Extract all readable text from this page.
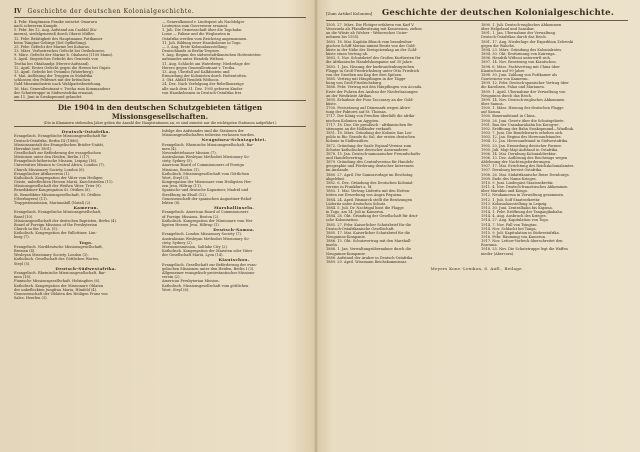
IV Geschichte der deutschen Kolonialgeschichte.
4. Febr. Hauptmann Franke entsetzt Omaruru
nach schwerem Kampfe.
5. Febr. bis 12. Aug. Aufstand am Caoldal (Ka-
merun), siedelgenerieß durch Oberst Müller.
12. Febr. Betätigkeit des Hauptmanns Puttkamer
beim Tsingtao-Gebirge (Del Opfließung).
25. Febr. Gefecht der Marine bei Koharas.
13. März. Verlustreiches Gefecht bei Owikokorero.
9. März. Gefecht der Marine b. Okaharui (1100 Mann).
5. April. Siegreiches Gefecht des Generals von
Trotha bei Oktahandja (Herero-Aufstand).
12. April. Erstes Gefecht gegen die Herero bei Onjati.
13. April. Gefecht bei Oviumbo (Waterberg).
9. Mai. Auflösung der Truppen in Südafrika
schlossen den Feldwurt mit der britischen
Gold-Minenindustrie nach Wahlparteibeziehung.
16. Mai. Generalleutnant v. Trotha zum Kommandeur
der Schutztruppe in Südwestafrika ernannt,
am 11. Juni in Swakopmund gelandet.
— Generalkonsul v. Lindequist als Nachfolger
Leutweins zum Gouverneur ernannt.
1. Juli. Die Gemeinschaft über die Togobahn
Lome — Palime und die Wegbauten in
Ostafrika werden vom Reichstag angenommen.
11. Juli. Bildung einer Hauskolonne in Togo.
— 3. Aug. Erste Kolonialausstellung
Deutschlands in Berlin-Treptow.
9. Aug. Beginn des südwestafrikanischen Hottentotten-
aufstandes unter Hendrik Witbooi.
11. Aug. Schlacht am Waterberg: Niederlage der
Herero gegen Generalleutnant v. Trotha.
13. Aug. Überfall auf Kalkfontein und
Ermordung der Kolonisten durch Hottentotten.
3. Okt. Abfall Hendrik Witboois.
24. Dez. Nach Verfolgung der Rebellionszüge
alle nach dem 31. Dez. 1905 geboren Kinder
von Hauskolonnen in Deutsch-Ostafrika frei.
Die 1904 in den deutschen Schutzgebieten tätigen Missionsgesellschaften.
(Die in Klammern stehenden Jahre geben die Anzahl der Hauptstationen an; es sind zumeist nur die wichtigsten Stationen aufgeführt.)
Deutsch-Ostafrika.
Evangelisch. Evangelische Missionsgesellschaft für
Deutsch-Ostafrika, Berlin III (1886).
Missionsanstalt der Evangelischen Brüder-Unität,
Herrnhut (seit 1891).
Gesellschaft zur Beförderung der evangelischen
Missionen unter den Heiden, Berlin I (17).
Evangelisch-lutherische Mission, Leipzig (16).
Universities Mission to Central Africa, London (7).
Church Missionary Society, London (6).
Evangelischer Afrikaverein (1).
Katholisch. Kongregation der Väter vom Heiligen
Geiste, unbefleckten Herzen Mariä, Knechtsteden (11).
Missionsgesellschaft der Weißen Väter, Trier (9).
Benediktiner-Kongregation St. Ottilien (8).
St. Benediktus-Missionsgesellschaft, St. Ottilien
(Oberbayern) (11).
Trappistenmission, Mariannhill (Natal) (2).
Kamerun.
Evangelisch. Evangelische Missionsgesellschaft,
Basel (10).
Missionsgesellschaft der deutschen Baptisten, Berlin (4).
Board of Foreign Missions of the Presbyterian
Church in the U.S.A. (5).
Katholisch. Kongregation der Pallottiner, Lim-
burg (7).
Togo.
Evangelisch. Norddeutsche Missionsgesellschaft,
Bremen (4).
Wesleyan Missionary Society, London (3).
Katholisch. Gesellschaft des Göttlichen Wortes,
Steyl (5).
Deutsch-Südwestafrika.
Evangelisch. Rheinische Missionsgesellschaft, Bar-
men (18).
Finnische Missionsgesellschaft, Helsingfors (6).
Katholisch. Kongregation der Missionare Oblaten
der unbefleckten Jungfrau Maria, Hünfeld (4).
Genossenschaft der Oblaten des Heiligen Franz von
Sales, Heerlen (3).
Infolge des Aufstandes sind die Stationen der
Missionsgesellschaften teilweise verlassen worden.
Neuguinea-Schutzgebiet.
Evangelisch. Rheinische Missionsgesellschaft, Bar-
men (4).
Neuendettelsauer Mission (7).
Australasian Wesleyan Methodist Missionary So-
ciety, Sydney (5).
American Board of Commissioners of Foreign
Missions, Boston (1).
Katholisch. Missionsgesellschaft vom Göttlichen
Wort, Steyl (3).
Kongregation der Missionare vom Heiligsten Her-
zen Jesu, Hiltrup (11).
Spanische und deutsche Kapuziner, Madrid und
Straßburg im Elsaß (12).
Genossenschaft der spanischen Augustiner-Rekol-
lekten (8).
Marshallinseln.
Evangelisch. American Board of Commissioners
of Foreign Missions, Boston (2).
Katholisch. Kongregation der Missionare vom Hei-
ligsten Herzen Jesu, Hiltrup (1).
Deutsch-Samoa.
Evangelisch. London Missionary Society (7).
Australasian Wesleyan Methodist Missionary So-
ciety, Sydney (2).
Mormonenmission, Saltlake City (2).
Katholisch. Kongregation der Maristen oder Väter
der Gesellschaft Mariä, Lyon (14).
Kiautschou.
Evangelisch. Gesellschaft zur Beförderung der evan-
gelischen Missionen unter den Heiden, Berlin I (3).
Allgemeiner evangelisch-protestantischer Missions-
verein (2).
American Presbyterian Mission.
Katholisch. Missionsgesellschaft vom göttlichen
Wort, Steyl (6).
[Zum Artikel Kolonien] Geschichte der deutschen Kolonialgeschichte.
1505. 27. März. Die Flotiger erfahren von Karl V.
Venezuela als Pfandbesitzung mit Konzession, ziehen
an die Wüste ab (Welser - Welsersches Unter-
nehmen bis 1555).
1683. 18. Mai. Kapitän Blonck vom brandenbur-
gischen Schiff Morian nimmt Besitz von der Gold-
küste in der Nähe der Dreispitzenkap an der Gold-
küste einen Vertrag ab.
1683. 5. Nov. Schutzbrief des Großen Kurfürsten für
die Afrikanische Handelskompanie auf 30 Jahre.
1683. 1. Jan. Hissung der kurbrandenburgischen
Flagge in Groß-Friedrichsburg unter Otto Friedrich
von der Groeben am Kap der drei Spitzen.
1685. Vertrag mit Häuptlingen in der Tägge-
hung von Groß-Friedrichsburg.
1686. Febr. Vertrag mit den Häuptlingen von Accada.
Erste der Fuhren des Ausbau der Niederlassungen
an der Westküste Afrikas.
1695. Erlaubnis der Fuss Taccarary an der Gold-
küste.
1700. Festsetzung auf Dänemark wegen Abtre-
tung der Faktorei auf St. Thomas.
1717. Der König von Preußen überläßt die afrika-
nischen Kolonien an Ägypten.
1717. 18. Dez. Die preußisch - afrikanischen Be-
sitzungen an die Holländer verkauft.
1851. 18. März. Gründung der Kolonie San Leo-
poldo in Rio Grande do Sul, der ersten deutschen
Kolonie in Südbrasilien.
1872. Gründung der Saale Espiaul-Vereins zum
Schutze katholischer deutscher Auswanderer.
1878. 15. Jan. Deutsch-samoanischer Freundschafts-
und Handelsvertrag.
1879. Gründung des Centralvereins für Handels-
geographie und Förderung deutscher Interessen
im Auslande.
1880. 27. April. Die Samoavorlage im Reichstag
abgelehnt.
1882. 6. Dez. Gründung des Deutschen Kolonial-
vereins in Frankfurt a. M.
1883. 1. Mai. Vertrag Lüderitz mit den Hotten-
totten zur Erwerbung von Angra Pequena.
1884. 24. April. Bismarck stellt die Besitzungen
Lüderitz unter deutschen Schutz.
1884. 5. Juli. Dr. Nachtigal hisst die Flagge
in Togo, am 14. Juli in Kamerun.
1884. 28. Okt. Gründung der Gesellschaft für deut-
sche Kolonisation.
1885. 27. Febr. Kaiserlicher Schutzbrief für die
Deutsch-Ostafrikanische Gesellschaft.
1885. 17. Mai. Kaiserlicher Schutzbrief für die
Neuguinea-Kompanie.
1886. 15. Okt. Schutzvertrag mit den Marshall-
inseln.
1888. 1. Jan. Verwaltungsübernahme durch die
Neuguinea-Kompanie.
1888. Aufstand der Araber in Deutsch-Ostafrika.
1889. 29. April. Wissmann Reichskommissar.
1890. 1. Juli. Deutsch-englisches Abkommen
über Helgoland und Sansibar.
1891. 1. Jan. Übernahme der Verwaltung
Deutsch-Ostafrikas durch das Reich.
1891. 17. Aug. Niederlage der Expedition Zelewski
gegen die Wahehe.
1894. 23. März. Gründung des Kolonialrates.
1894. 30. Okt. Erstürmung von Kuirenga.
1896. Hendrik Witbooi unterwirft sich.
1897. 14. Nov. Besetzung von Kiautschou.
1898. 6. März. Pachtvertrag mit China über
Kiautschou auf 99 Jahre.
1898. 30. Juni. Zahlung von Puttkamer als
Gouverneur von Kamerun.
1899. 12. Febr. Deutsch-spanischer Vertrag über
die Karolinen, Palau und Marianen.
1899. 1. April. Übernahme der Verwaltung von
Neuguinea durch das Reich.
1899. 14. Nov. Deutsch-englisches Abkommen
über Samoa.
1900. 1. März. Hissung der deutschen Flagge
auf Samoa.
1900. Boxeraufstand in China.
1900. 26. Juni. Gesetz über die Schutzgebiete.
1901. Bau der Usambarabahn bis Korogwe.
1902. Eröffnung der Bahn Swakopmund—Windhuk.
1903. 7. Juni. Die Bondelzwarts erheben sich.
1903. 12. Jan. Beginn des Hereroaufstandes.
1904. 12. Jan. Hereroaufstand in Südwestafrika.
1905. 20. Jan. Ermordung deutscher Farmer.
1905. Juli. Maji-Maji-Aufstand in Ostafrika.
1906. 14. Mai. Dernburg Kolonialdirektor.
1906. 13. Dez. Auflösung des Reichstags wegen
Ablehnung der Nachtragsforderungen.
1907. 17. Mai. Errichtung des Reichskolonialamtes.
1907. Dernburg bereist Ostafrika.
1908. 26. Mai. Südafrikanische Reise Dernburgs.
1909. Ende des Nama-Krieges.
1910. 9. Juni. Lindequist Staatssekretär.
1911. 4. Nov. Deutsch-französisches Abkommen
über Marokko und Kongo.
1912. Neukamerun in Verwaltung genommen.
1912. 1. Juli. Solf Staatssekretär.
1913. Kolonialausstellung in Leipzig.
1913. 30. Juni. Zentralbahn bis Kigoma.
1914. 1. Febr. Eröffnung der Tanganjikabahn.
1914. 4. Aug. Ausbruch des Krieges.
1914. 27. Aug. Kapitulation von Togo.
1914. 7. Nov. Fall von Tsingtau.
1914. Nov. Schlacht bei Tanga.
1915. 9. Juli. Kapitulation in Südwestafrika.
1916. Febr. Räumung von Kamerun.
1917. Nov. Lettow-Vorbeck überschreitet den
Rowuma.
1918. 25. Nov. Die Schutztruppe legt die Waffen
nieder (Abercorn).
Meyers Konv.-Lexikon, 6. Aufl., Beilage.
